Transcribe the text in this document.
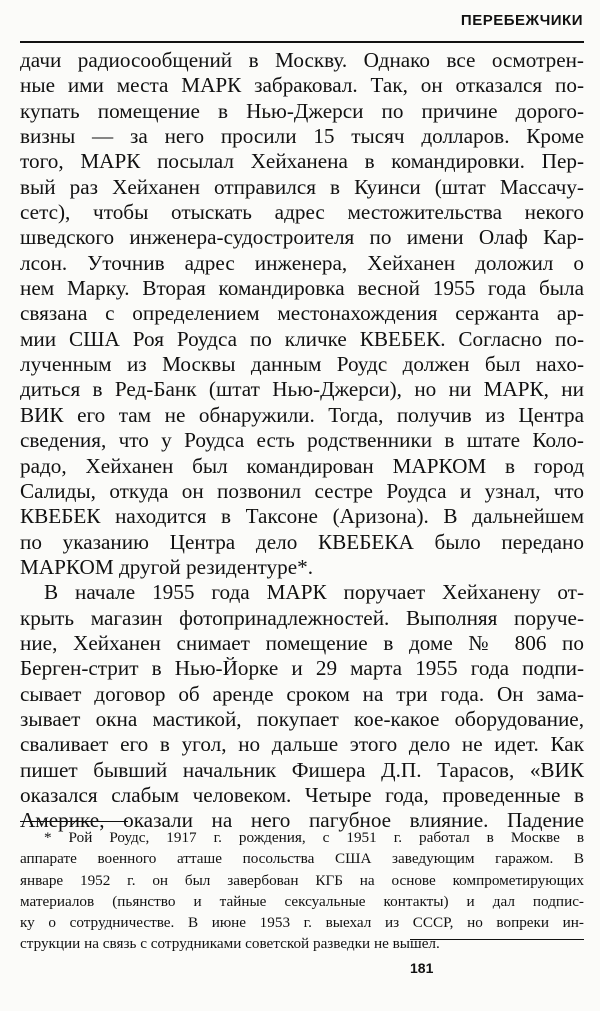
ПЕРЕБЕЖЧИКИ
дачи радиосообщений в Москву. Однако все осмотрен-
ные ими места МАРК забраковал. Так, он отказался по-
купать помещение в Нью-Джерси по причине дорого-
визны — за него просили 15 тысяч долларов. Кроме
того, МАРК посылал Хейханена в командировки. Пер-
вый раз Хейханен отправился в Куинси (штат Массачу-
сетс), чтобы отыскать адрес местожительства некого
шведского инженера-судостроителя по имени Олаф Кар-
лсон. Уточнив адрес инженера, Хейханен доложил о
нем Марку. Вторая командировка весной 1955 года была
связана с определением местонахождения сержанта ар-
мии США Роя Роудса по кличке КВЕБЕК. Согласно по-
лученным из Москвы данным Роудс должен был нахо-
диться в Ред-Банк (штат Нью-Джерси), но ни МАРК, ни
ВИК его там не обнаружили. Тогда, получив из Центра
сведения, что у Роудса есть родственники в штате Коло-
радо, Хейханен был командирован МАРКОМ в город
Салиды, откуда он позвонил сестре Роудса и узнал, что
КВЕБЕК находится в Таксоне (Аризона). В дальнейшем
по указанию Центра дело КВЕБЕКА было передано
МАРКОМ другой резидентуре*.
В начале 1955 года МАРК поручает Хейханену от-
крыть магазин фотопринадлежностей. Выполняя поруче-
ние, Хейханен снимает помещение в доме № 806 по
Берген-стрит в Нью-Йорке и 29 марта 1955 года подпи-
сывает договор об аренде сроком на три года. Он зама-
зывает окна мастикой, покупает кое-какое оборудование,
сваливает его в угол, но дальше этого дело не идет. Как
пишет бывший начальник Фишера Д.П. Тарасов, «ВИК
оказался слабым человеком. Четыре года, проведенные в
Америке, оказали на него пагубное влияние. Падение
* Рой Роудс, 1917 г. рождения, с 1951 г. работал в Москве в
аппарате военного атташе посольства США заведующим гаражом. В
январе 1952 г. он был завербован КГБ на основе компрометирующих
материалов (пьянство и тайные сексуальные контакты) и дал подпис-
ку о сотрудничестве. В июне 1953 г. выехал из СССР, но вопреки ин-
струкции на связь с сотрудниками советской разведки не вышел.
181
